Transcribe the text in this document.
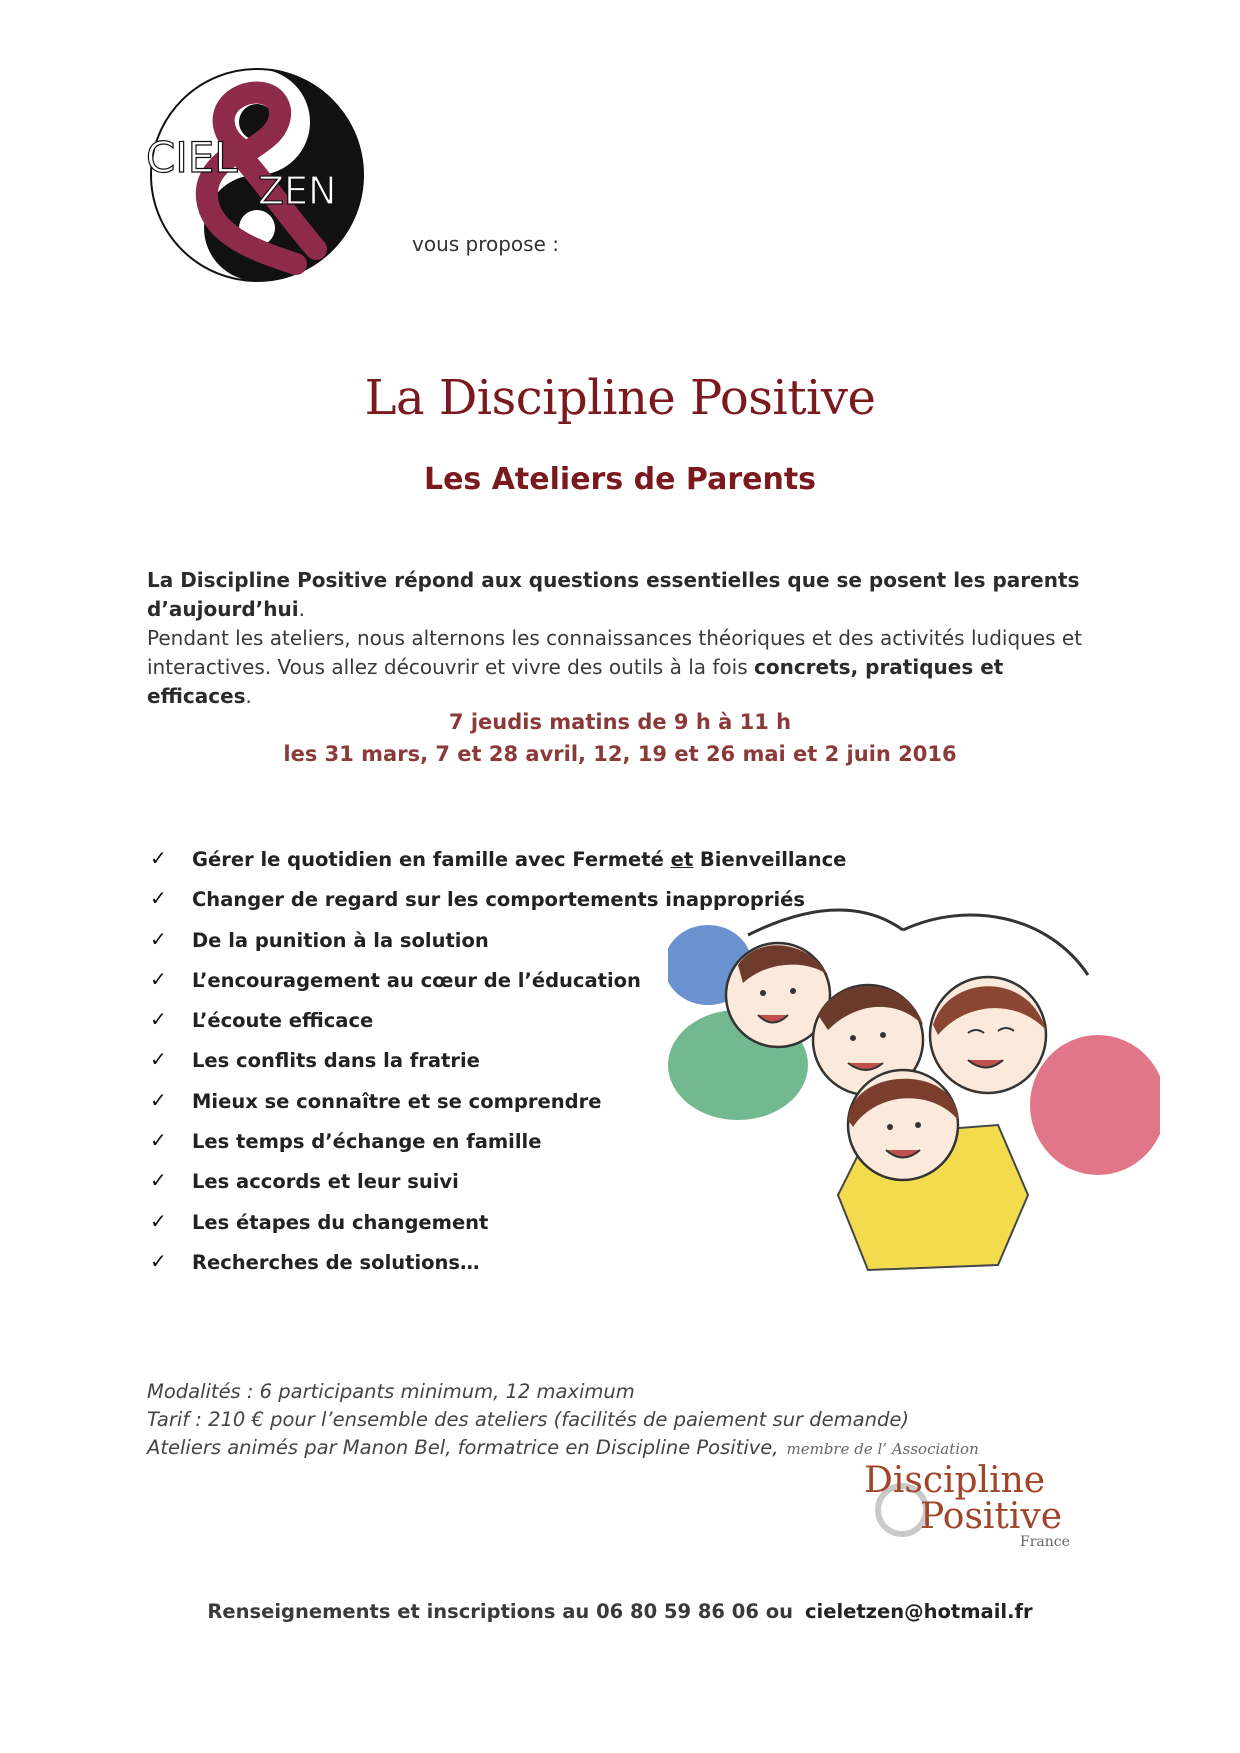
CIEL
ZEN
vous propose :
La Discipline Positive
Les Ateliers de Parents

La Discipline Positive répond aux questions essentielles que se posent les parents d’aujourd’hui.

Pendant les ateliers, nous alternons les connaissances théoriques et des activités ludiques et

interactives. Vous allez découvrir et vivre des outils à la fois concrets, pratiques et efficaces.

7 jeudis matins de 9 h à 11 h
les 31 mars, 7 et 28 avril, 12, 19 et 26 mai et 2 juin 2016
✓	Gérer le quotidien en famille avec Fermeté et Bienveillance
✓	Changer de regard sur les comportements inappropriés
✓	De la punition à la solution
✓	L’encouragement au cœur de l’éducation
✓	L’écoute efficace
✓	Les conflits dans la fratrie
✓	Mieux se connaître et se comprendre
✓	Les temps d’échange en famille
✓	Les accords et leur suivi
✓	Les étapes du changement
✓	Recherches de solutions…
Modalités : 6 participants minimum, 12 maximum
Tarif : 210 € pour l’ensemble des ateliers (facilités de paiement sur demande)
Ateliers animés par Manon Bel, formatrice en Discipline Positive, membre de l’ Association
Discipline
Positive
France
Renseignements et inscriptions au 06 80 59 86 06 ou cieletzen@hotmail.fr
